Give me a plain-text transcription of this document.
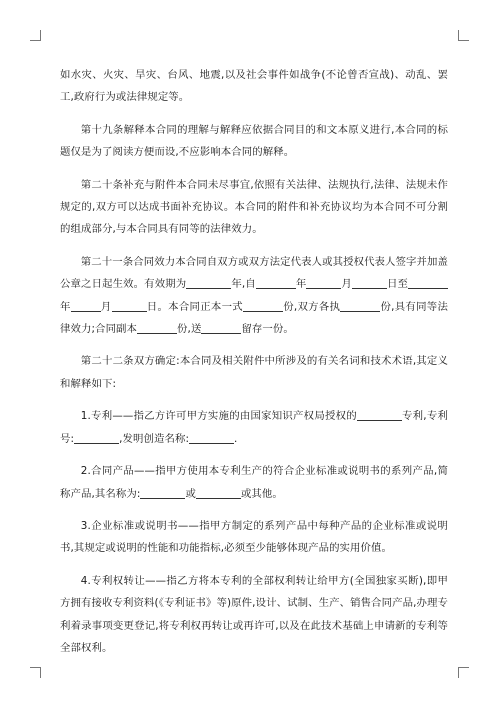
如水灾、火灾、旱灾、台风、地震,以及社会事件如战争(不论曾否宣战)、动乱、罢工,政府行为或法律规定等。

第十九条解释本合同的理解与解释应依据合同目的和文本原义进行,本合同的标题仅是为了阅读方便而设,不应影响本合同的解释。

第二十条补充与附件本合同未尽事宜,依照有关法律、法规执行,法律、法规未作规定的,双方可以达成书面补充协议。本合同的附件和补充协议均为本合同不可分割的组成部分,与本合同具有同等的法律效力。

第二十一条合同效力本合同自双方或双方法定代表人或其授权代表人签字并加盖公章之日起生效。有效期为	年,自	年	月	日至年	月	日。本合同正本一式	份,双方各执	份,具有同等法律效力;合同副本	份,送	留存一份。

第二十二条双方确定:本合同及相关附件中所涉及的有关名词和技术术语,其定义和解释如下:

1.专利——指乙方许可甲方实施的由国家知识产权局授权的	专利,专利号:	,发明创造名称:	.

2.合同产品——指甲方使用本专利生产的符合企业标准或说明书的系列产品,简称产品,其名称为:	或	或其他。

3.企业标准或说明书——指甲方制定的系列产品中每种产品的企业标准或说明书,其规定或说明的性能和功能指标,必须至少能够体现产品的实用价值。

4.专利权转让——指乙方将本专利的全部权利转让给甲方(全国独家买断),即甲方拥有接收专利资料(《专利证书》等)原件,设计、试制、生产、销售合同产品,办理专利着录事项变更登记,将专利权再转让或再许可,以及在此技术基础上申请新的专利等全部权利。
